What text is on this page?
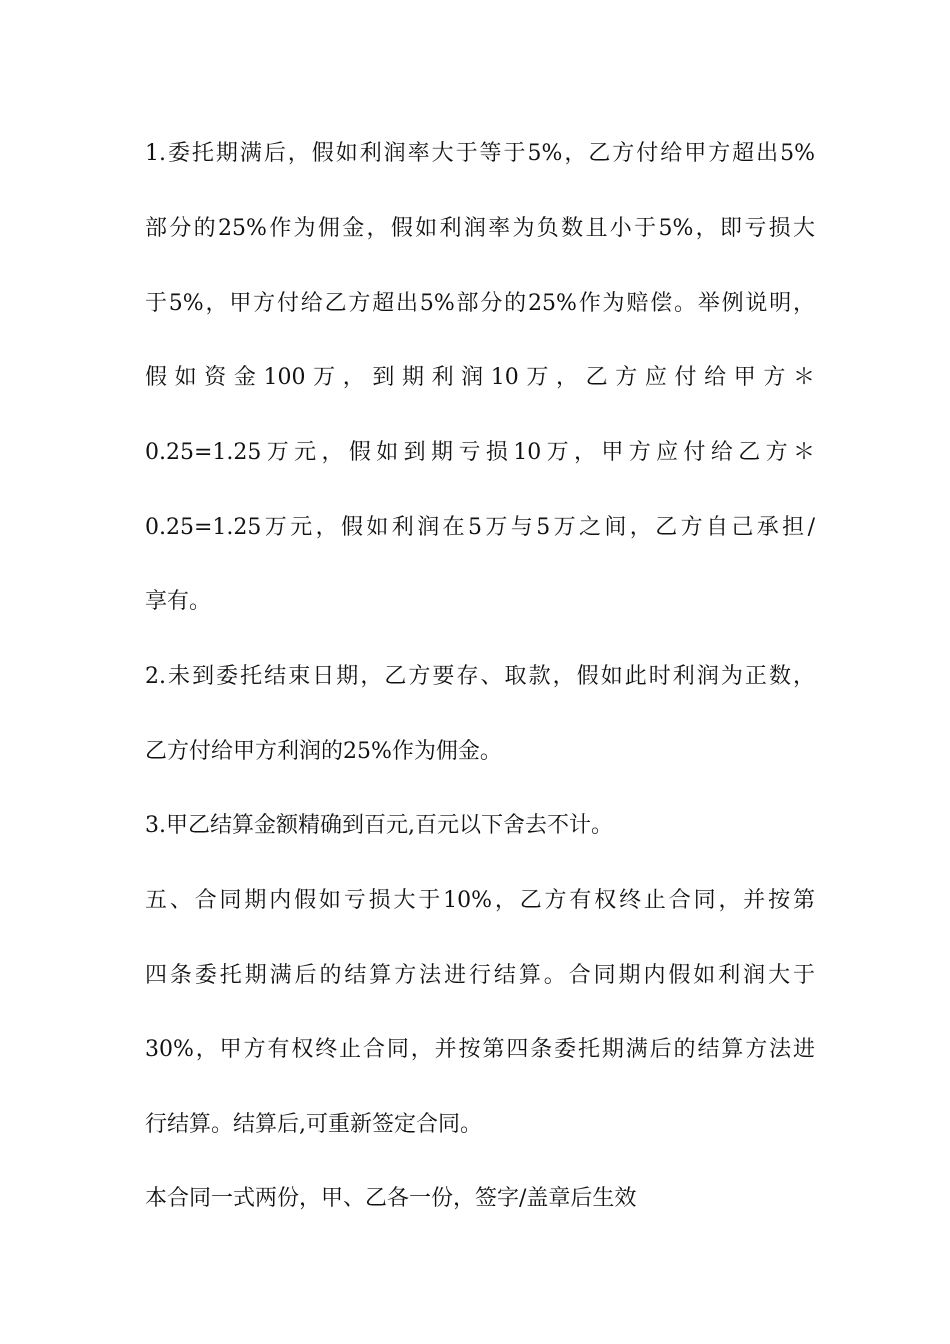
1.委托期满后，假如利润率大于等于5%，乙方付给甲方超出5%
部分的25%作为佣金，假如利润率为负数且小于5%，即亏损大
于5%，甲方付给乙方超出5%部分的25%作为赔偿。举例说明，
假如资金100万，到期利润10万，乙方应付给甲方＊
0.25=1.25万元，假如到期亏损10万，甲方应付给乙方＊
0.25=1.25万元，假如利润在5万与5万之间，乙方自己承担/
享有。
2.未到委托结束日期，乙方要存、取款，假如此时利润为正数，
乙方付给甲方利润的25%作为佣金。
3.甲乙结算金额精确到百元,百元以下舍去不计。
五、合同期内假如亏损大于10%，乙方有权终止合同，并按第
四条委托期满后的结算方法进行结算。合同期内假如利润大于
30%，甲方有权终止合同，并按第四条委托期满后的结算方法进
行结算。结算后,可重新签定合同。
本合同一式两份，甲、乙各一份，签字/盖章后生效
